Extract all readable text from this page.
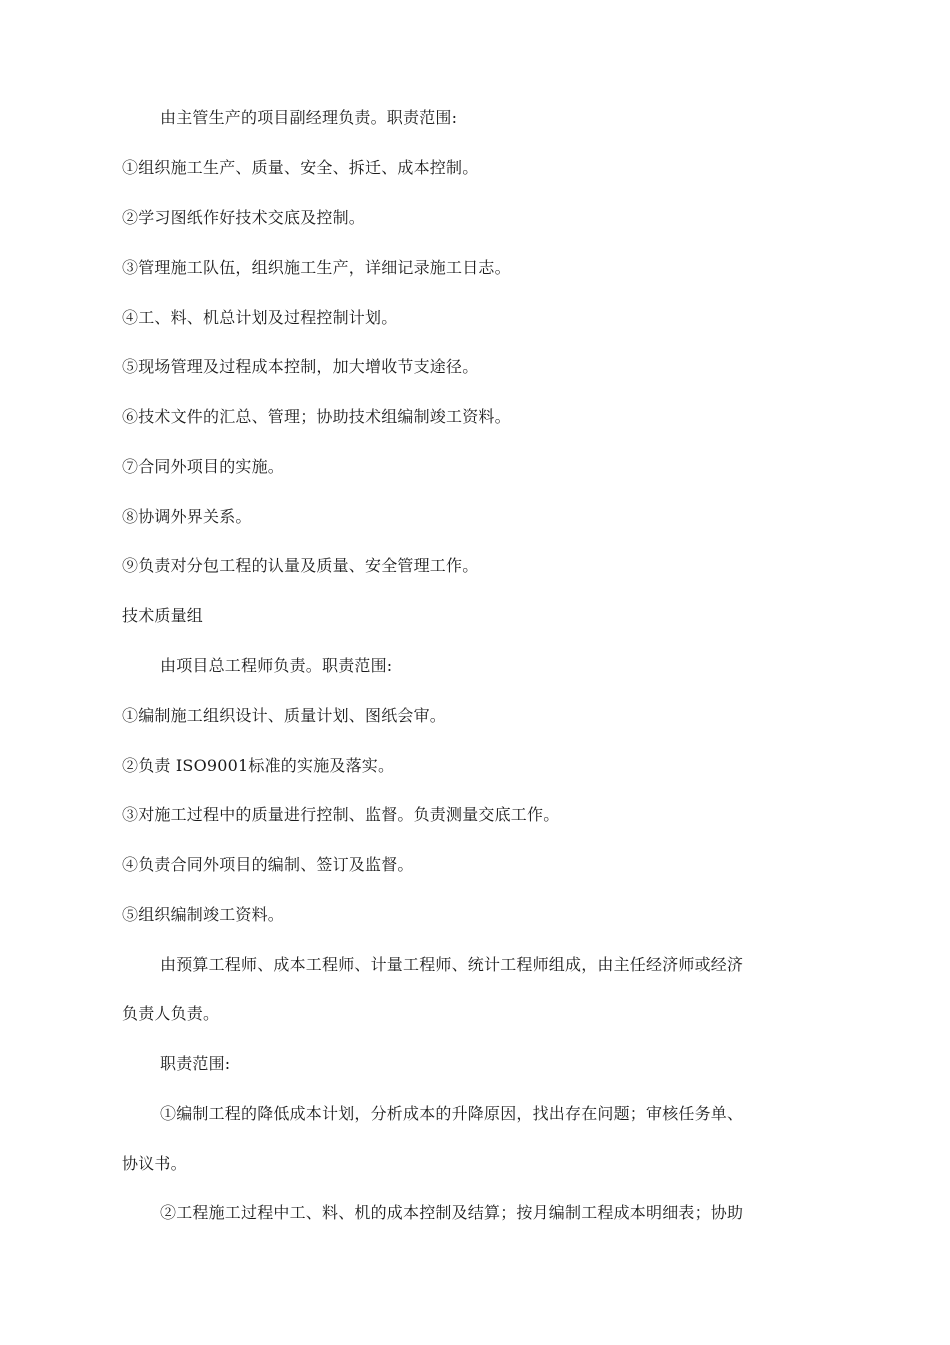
由主管生产的项目副经理负责。职责范围:
①组织施工生产、质量、安全、拆迁、成本控制。
②学习图纸作好技术交底及控制。
③管理施工队伍，组织施工生产，详细记录施工日志。
④工、料、机总计划及过程控制计划。
⑤现场管理及过程成本控制，加大增收节支途径。
⑥技术文件的汇总、管理；协助技术组编制竣工资料。
⑦合同外项目的实施。
⑧协调外界关系。
⑨负责对分包工程的认量及质量、安全管理工作。
技术质量组
由项目总工程师负责。职责范围:
①编制施工组织设计、质量计划、图纸会审。
②负责 ISO9001标准的实施及落实。
③对施工过程中的质量进行控制、监督。负责测量交底工作。
④负责合同外项目的编制、签订及监督。
⑤组织编制竣工资料。
由预算工程师、成本工程师、计量工程师、统计工程师组成，由主任经济师或经济
负责人负责。
职责范围:
①编制工程的降低成本计划，分析成本的升降原因，找出存在问题；审核任务单、
协议书。
②工程施工过程中工、料、机的成本控制及结算；按月编制工程成本明细表；协助
